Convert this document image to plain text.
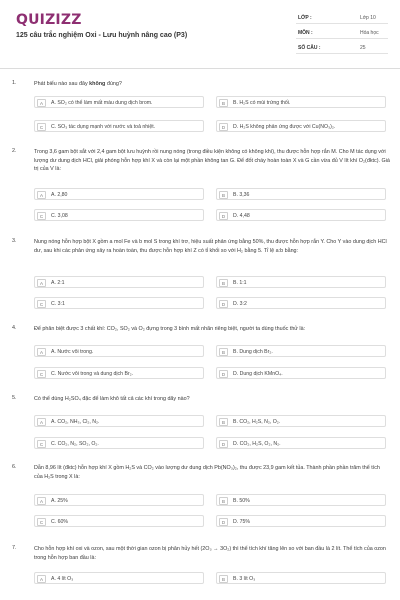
QUIZIZZ
125 câu trắc nghiệm Oxi - Lưu huỳnh nâng cao (P3)
LỚP :	Lớp 10
MÔN :	Hóa học
SỐ CÂU :	25
1.	Phát biểu nào sau đây không đúng?
A	A. SO₂ có thể làm mất màu dung dịch brom.	B	B. H₂S có mùi trứng thối.
C	C. SO₃ tác dụng mạnh với nước và toả nhiệt.	D	D. H₂S không phản ứng được với Cu(NO₃)₂.
2.	Trong 3,6 gam bột sắt với 2,4 gam bột lưu huỳnh rồi nung nóng (trong điều kiện không có không khí), thu được hỗn hợp rắn M. Cho M tác dụng với lượng dư dung dịch HCl, giải phóng hỗn hợp khí X và còn lại một phần không tan G. Để đốt cháy hoàn toàn X và G cần vừa đủ V lít khí O₂(đktc). Giá trị của V là:
A	A. 2,80	B	B. 3,36
C	C. 3,08	D	D. 4,48
3.	Nung nóng hỗn hợp bột X gồm a mol Fe và b mol S trong khí trơ, hiệu suất phản ứng bằng 50%, thu được hỗn hợp rắn Y. Cho Y vào dung dịch HCl dư, sau khi các phản ứng xảy ra hoàn toàn, thu được hỗn hợp khí Z có tỉ khối so với H₂ bằng 5. Tỉ lệ a:b bằng:
A	A. 2:1	B	B. 1:1
C	C. 3:1	D	D. 3:2
4.	Để phân biệt được 3 chất khí: CO₂, SO₂ và O₂ đựng trong 3 bình mất nhãn riêng biệt, người ta dùng thuốc thử là:
A	A. Nước vôi trong.	B	B. Dung dịch Br₂.
C	C. Nước vôi trong và dung dịch Br₂.	D	D. Dung dịch KMnO₄.
5.	Có thể dùng H₂SO₄ đặc để làm khô tất cả các khí trong dãy nào?
A	A. CO₂, NH₃, Cl₂, N₂.	B	B. CO₂, H₂S, N₂, O₂.
C	C. CO₂, N₂, SO₂, O₂.	D	D. CO₂, H₂S, O₂, N₂.
6.	Dẫn 8,96 lít (đktc) hỗn hợp khí X gồm H₂S và CO₂ vào lượng dư dung dịch Pb(NO₃)₂, thu được 23,9 gam kết tủa. Thành phần phần trăm thể tích của H₂S trong X là:
A	A. 25%	B	B. 50%
C	C. 60%	D	D. 75%
7.	Cho hỗn hợp khí oxi và ozon, sau một thời gian ozon bị phân hủy hết (2O₃ → 3O₂) thì thể tích khí tăng lên so với ban đầu là 2 lít. Thể tích của ozon trong hỗn hợp ban đầu là:
A	A. 4 lít O₃	B	B. 3 lít O₃
